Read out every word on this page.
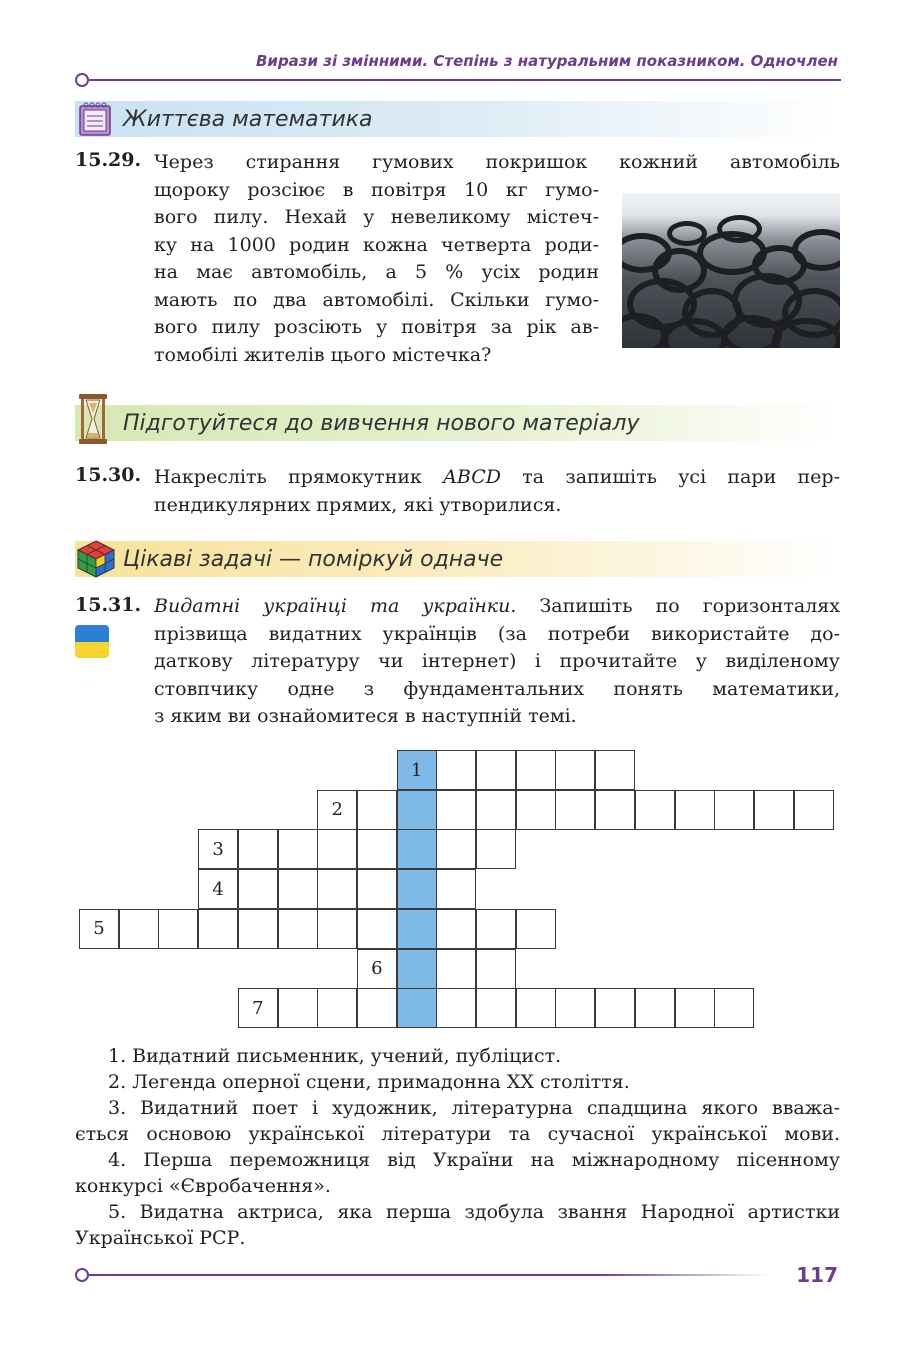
Вирази зі змінними. Степінь з натуральним показником. Одночлен
Життєва математика
15.29. Через стирання гумових покришок кожний автомобіль
щороку розсіює в повітря 10 кг гумо-
вого пилу. Нехай у невеликому містеч-
ку на 1000 родин кожна четверта роди-
на має автомобіль, а 5 % усіх родин
мають по два автомобілі. Скільки гумо-
вого пилу розсіють у повітря за рік ав-
томобілі жителів цього містечка?
Підготуйтеся до вивчення нового матеріалу
15.30. Накресліть прямокутник ABCD та запишіть усі пари пер-
пендикулярних прямих, які утворилися.
Цікаві задачі — поміркуй одначе
15.31. Видатні українці та українки. Запишіть по горизонталях
прізвища видатних українців (за потреби використайте до-
даткову літературу чи інтернет) і прочитайте у виділеному
стовпчику одне з фундаментальних понять математики,
з яким ви ознайомитеся в наступній темі.
1
2
3
4
5
6
7
1. Видатний письменник, учений, публіцист.
2. Легенда оперної сцени, примадонна XX століття.
3. Видатний поет і художник, літературна спадщина якого вважа-
ється основою української літератури та сучасної української мови.
4. Перша переможниця від України на міжнародному пісенному
конкурсі «Євробачення».
5. Видатна актриса, яка перша здобула звання Народної артистки
Української РСР.
117
